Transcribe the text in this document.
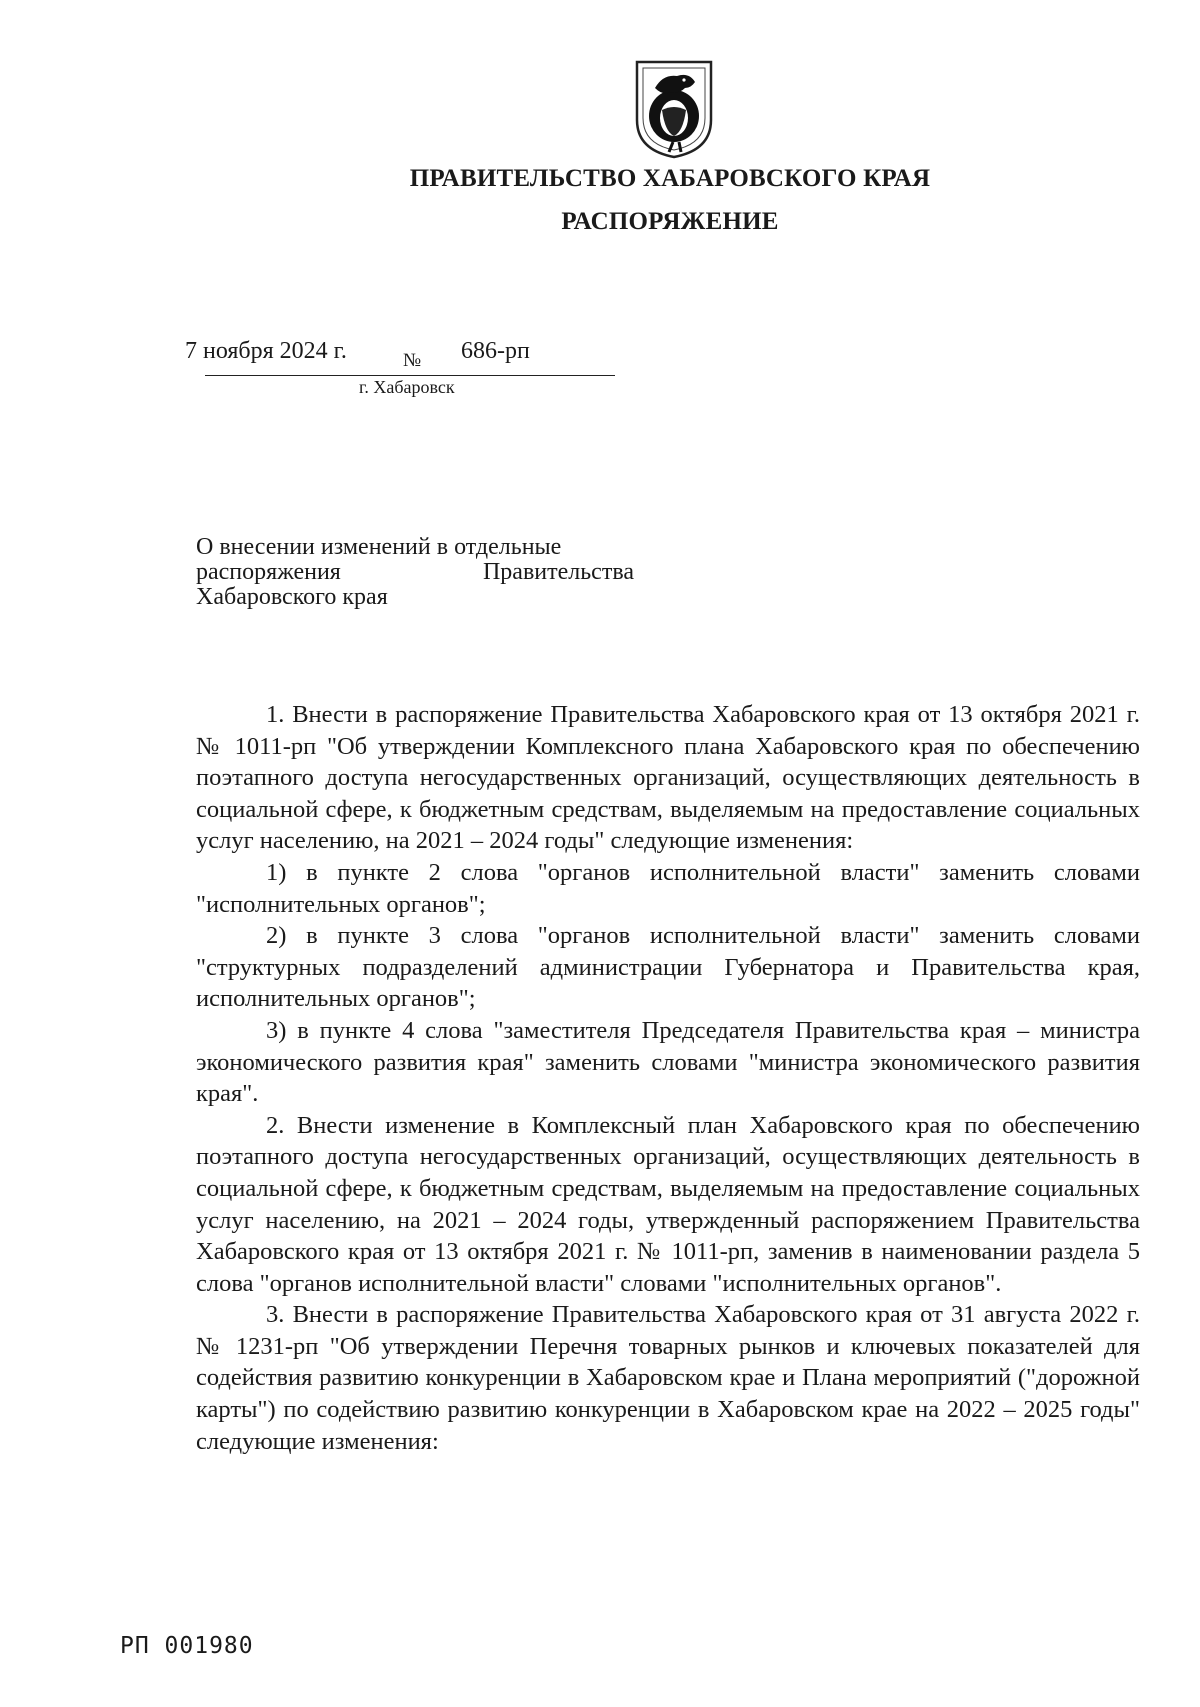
ПРАВИТЕЛЬСТВО ХАБАРОВСКОГО КРАЯ
РАСПОРЯЖЕНИЕ
7 ноября 2024 г.	№ 686-рп
г. Хабаровск
О внесении изменений в отдельные
распоряжения Правительства
Хабаровского края

1. Внести в распоряжение Правительства Хабаровского края от 13 октября 2021 г. № 1011-рп "Об утверждении Комплексного плана Хабаровского края по обеспечению поэтапного доступа негосударственных организаций, осуществляющих деятельность в социальной сфере, к бюджетным средствам, выделяемым на предоставление социальных услуг населению, на 2021 – 2024 годы" следующие изменения:

1) в пункте 2 слова "органов исполнительной власти" заменить словами "исполнительных органов";

2) в пункте 3 слова "органов исполнительной власти" заменить словами "структурных подразделений администрации Губернатора и Правительства края, исполнительных органов";

3) в пункте 4 слова "заместителя Председателя Правительства края – министра экономического развития края" заменить словами "министра экономического развития края".

2. Внести изменение в Комплексный план Хабаровского края по обеспечению поэтапного доступа негосударственных организаций, осуществляющих деятельность в социальной сфере, к бюджетным средствам, выделяемым на предоставление социальных услуг населению, на 2021 – 2024 годы, утвержденный распоряжением Правительства Хабаровского края от 13 октября 2021 г. № 1011-рп, заменив в наименовании раздела 5 слова "органов исполнительной власти" словами "исполнительных органов".

3. Внести в распоряжение Правительства Хабаровского края от 31 августа 2022 г. № 1231-рп "Об утверждении Перечня товарных рынков и ключевых показателей для содействия развитию конкуренции в Хабаровском крае и Плана мероприятий ("дорожной карты") по содействию развитию конкуренции в Хабаровском крае на 2022 – 2025 годы" следующие изменения:

РП 001980
